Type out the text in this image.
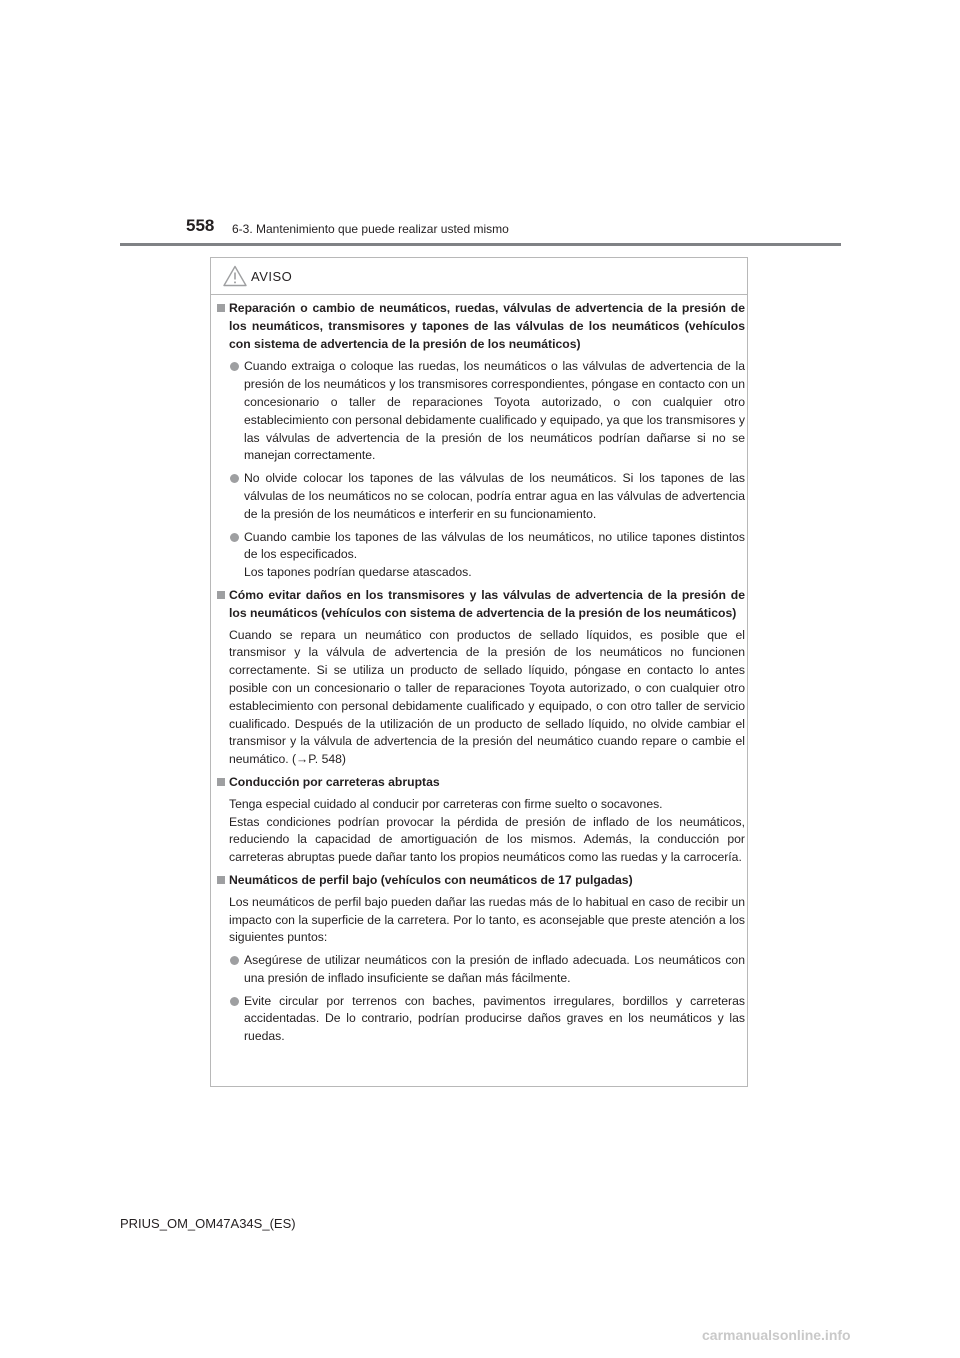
558 6-3. Mantenimiento que puede realizar usted mismo
AVISO
Reparación o cambio de neumáticos, ruedas, válvulas de advertencia de la presión de los neumáticos, transmisores y tapones de las válvulas de los neumáticos (vehículos con sistema de advertencia de la presión de los neumáticos)
Cuando extraiga o coloque las ruedas, los neumáticos o las válvulas de advertencia de la presión de los neumáticos y los transmisores correspondientes, póngase en contacto con un concesionario o taller de reparaciones Toyota autorizado, o con cualquier otro establecimiento con personal debidamente cualificado y equipado, ya que los transmisores y las válvulas de advertencia de la presión de los neumáticos podrían dañarse si no se manejan correctamente.
No olvide colocar los tapones de las válvulas de los neumáticos. Si los tapones de las válvulas de los neumáticos no se colocan, podría entrar agua en las válvulas de advertencia de la presión de los neumáticos e interferir en su funcionamiento.
Cuando cambie los tapones de las válvulas de los neumáticos, no utilice tapones distintos de los especificados.
Los tapones podrían quedarse atascados.
Cómo evitar daños en los transmisores y las válvulas de advertencia de la presión de los neumáticos (vehículos con sistema de advertencia de la presión de los neumáticos)
Cuando se repara un neumático con productos de sellado líquidos, es posible que el transmisor y la válvula de advertencia de la presión de los neumáticos no funcionen correctamente. Si se utiliza un producto de sellado líquido, póngase en contacto lo antes posible con un concesionario o taller de reparaciones Toyota autorizado, o con cualquier otro establecimiento con personal debidamente cualificado y equipado, o con otro taller de servicio cualificado. Después de la utilización de un producto de sellado líquido, no olvide cambiar el transmisor y la válvula de advertencia de la presión del neumático cuando repare o cambie el neumático. (→P. 548)
Conducción por carreteras abruptas
Tenga especial cuidado al conducir por carreteras con firme suelto o socavones.
Estas condiciones podrían provocar la pérdida de presión de inflado de los neumáticos, reduciendo la capacidad de amortiguación de los mismos. Además, la conducción por carreteras abruptas puede dañar tanto los propios neumáticos como las ruedas y la carrocería.
Neumáticos de perfil bajo (vehículos con neumáticos de 17 pulgadas)
Los neumáticos de perfil bajo pueden dañar las ruedas más de lo habitual en caso de recibir un impacto con la superficie de la carretera. Por lo tanto, es aconsejable que preste atención a los siguientes puntos:
Asegúrese de utilizar neumáticos con la presión de inflado adecuada. Los neumáticos con una presión de inflado insuficiente se dañan más fácilmente.
Evite circular por terrenos con baches, pavimentos irregulares, bordillos y carreteras accidentadas. De lo contrario, podrían producirse daños graves en los neumáticos y las ruedas.
PRIUS_OM_OM47A34S_(ES)
carmanualsonline.info
